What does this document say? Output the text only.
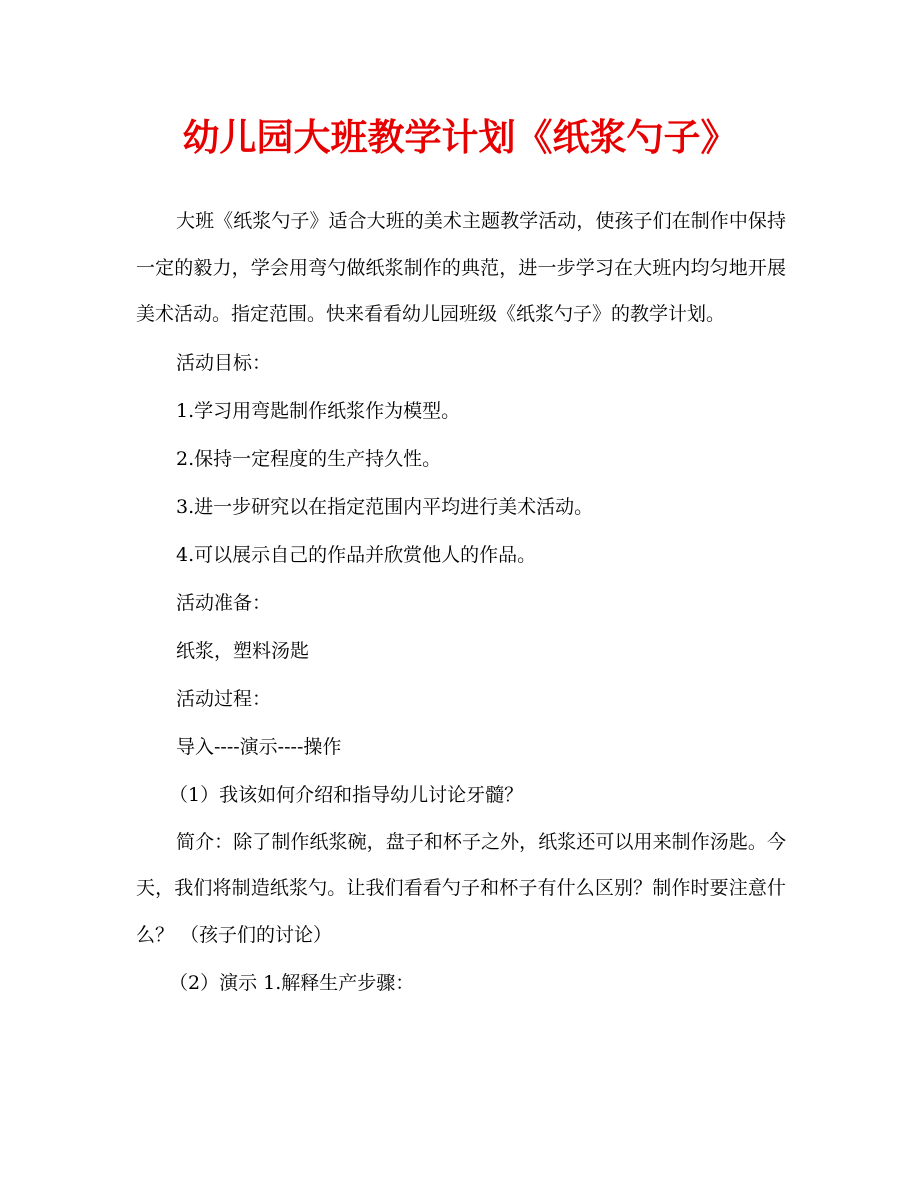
幼儿园大班教学计划《纸浆勺子》

大班《纸浆勺子》适合大班的美术主题教学活动，使孩子们在制作中保持一定的毅力，学会用弯勺做纸浆制作的典范，进一步学习在大班内均匀地开展美术活动。指定范围。快来看看幼儿园班级《纸浆勺子》的教学计划。

活动目标：
1.学习用弯匙制作纸浆作为模型。
2.保持一定程度的生产持久性。
3.进一步研究以在指定范围内平均进行美术活动。
4.可以展示自己的作品并欣赏他人的作品。
活动准备：
纸浆，塑料汤匙
活动过程：
导入----演示----操作
（1）我该如何介绍和指导幼儿讨论牙髓？

简介：除了制作纸浆碗，盘子和杯子之外，纸浆还可以用来制作汤匙。今天，我们将制造纸浆勺。让我们看看勺子和杯子有什么区别？制作时要注意什么？ （孩子们的讨论）

（2）演示 1.解释生产步骤：
